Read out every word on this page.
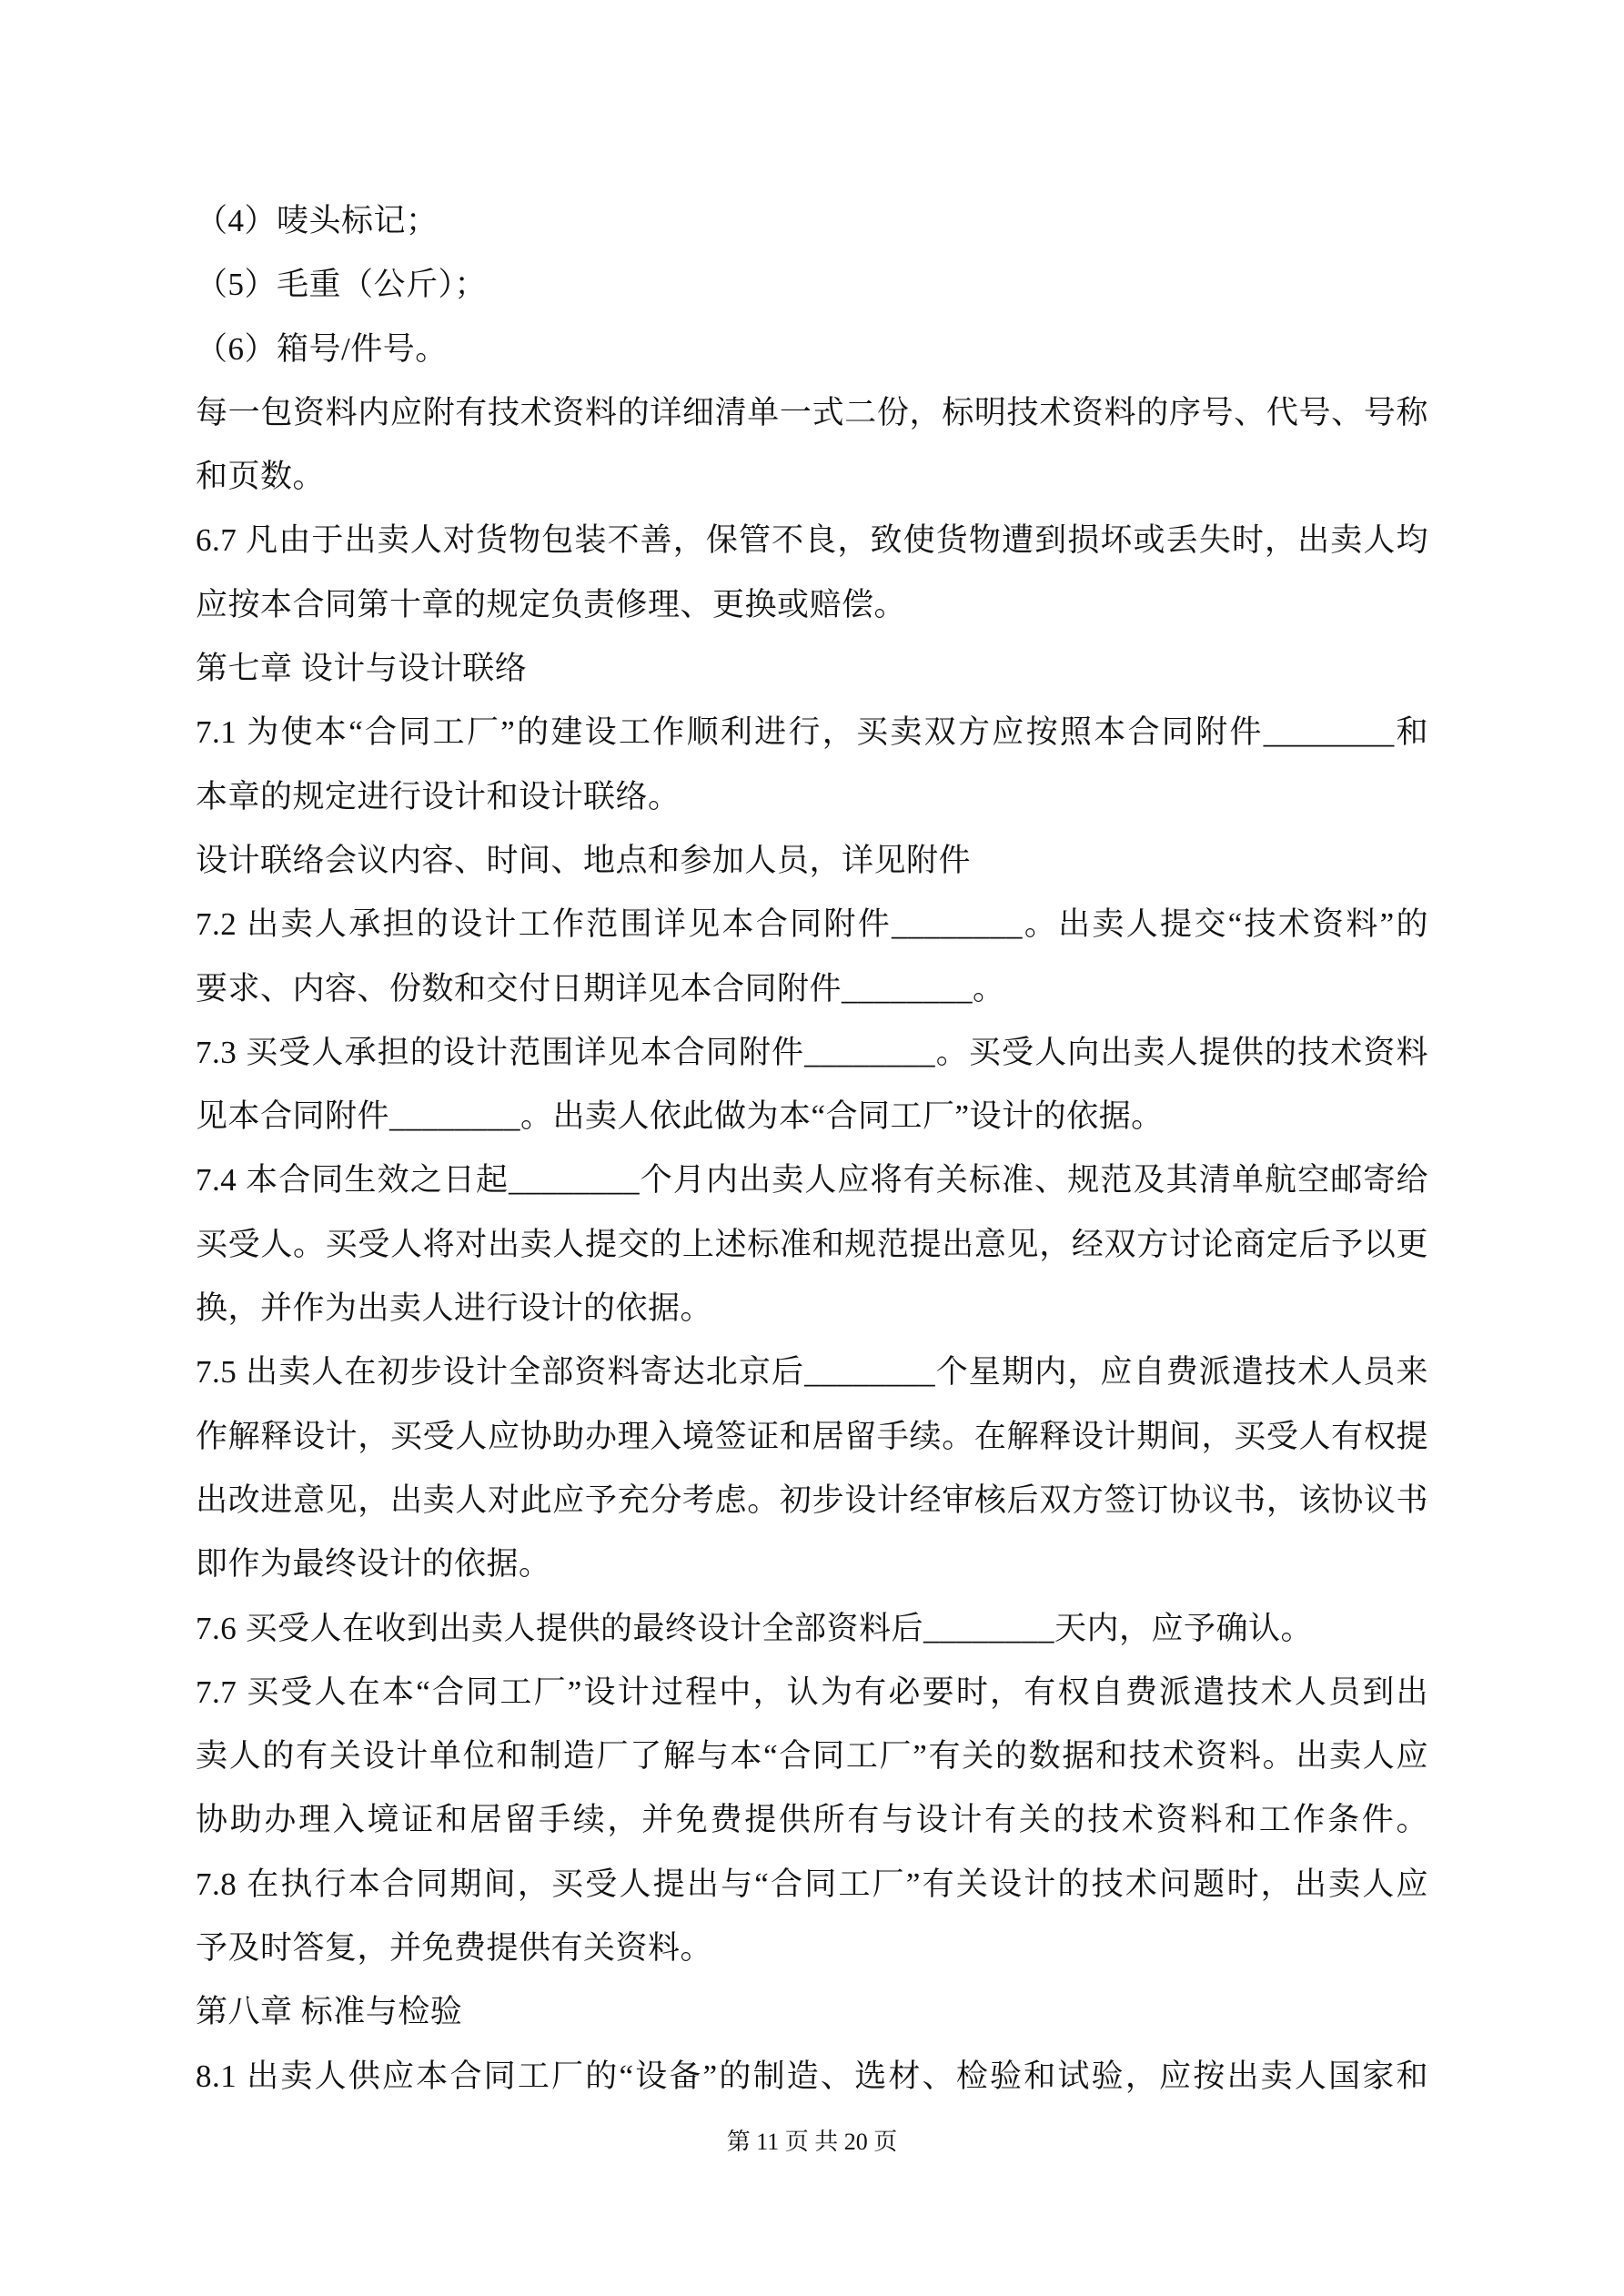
（4）唛头标记；
（5）毛重（公斤）；
（6）箱号/件号。
每一包资料内应附有技术资料的详细清单一式二份，标明技术资料的序号、代号、号称
和页数。
6.7 凡由于出卖人对货物包装不善，保管不良，致使货物遭到损坏或丢失时，出卖人均
应按本合同第十章的规定负责修理、更换或赔偿。
第七章 设计与设计联络
7.1 为使本“合同工厂”的建设工作顺利进行，买卖双方应按照本合同附件________和
本章的规定进行设计和设计联络。
设计联络会议内容、时间、地点和参加人员，详见附件
7.2 出卖人承担的设计工作范围详见本合同附件________。出卖人提交“技术资料”的
要求、内容、份数和交付日期详见本合同附件________。
7.3 买受人承担的设计范围详见本合同附件________。买受人向出卖人提供的技术资料
见本合同附件________。出卖人依此做为本“合同工厂”设计的依据。
7.4 本合同生效之日起________个月内出卖人应将有关标准、规范及其清单航空邮寄给
买受人。买受人将对出卖人提交的上述标准和规范提出意见，经双方讨论商定后予以更
换，并作为出卖人进行设计的依据。
7.5 出卖人在初步设计全部资料寄达北京后________个星期内，应自费派遣技术人员来
作解释设计，买受人应协助办理入境签证和居留手续。在解释设计期间，买受人有权提
出改进意见，出卖人对此应予充分考虑。初步设计经审核后双方签订协议书，该协议书
即作为最终设计的依据。
7.6 买受人在收到出卖人提供的最终设计全部资料后________天内，应予确认。
7.7 买受人在本“合同工厂”设计过程中，认为有必要时，有权自费派遣技术人员到出
卖人的有关设计单位和制造厂了解与本“合同工厂”有关的数据和技术资料。出卖人应
协助办理入境证和居留手续，并免费提供所有与设计有关的技术资料和工作条件。
7.8 在执行本合同期间，买受人提出与“合同工厂”有关设计的技术问题时，出卖人应
予及时答复，并免费提供有关资料。
第八章 标准与检验
8.1 出卖人供应本合同工厂的“设备”的制造、选材、检验和试验，应按出卖人国家和
第 11 页 共 20 页
